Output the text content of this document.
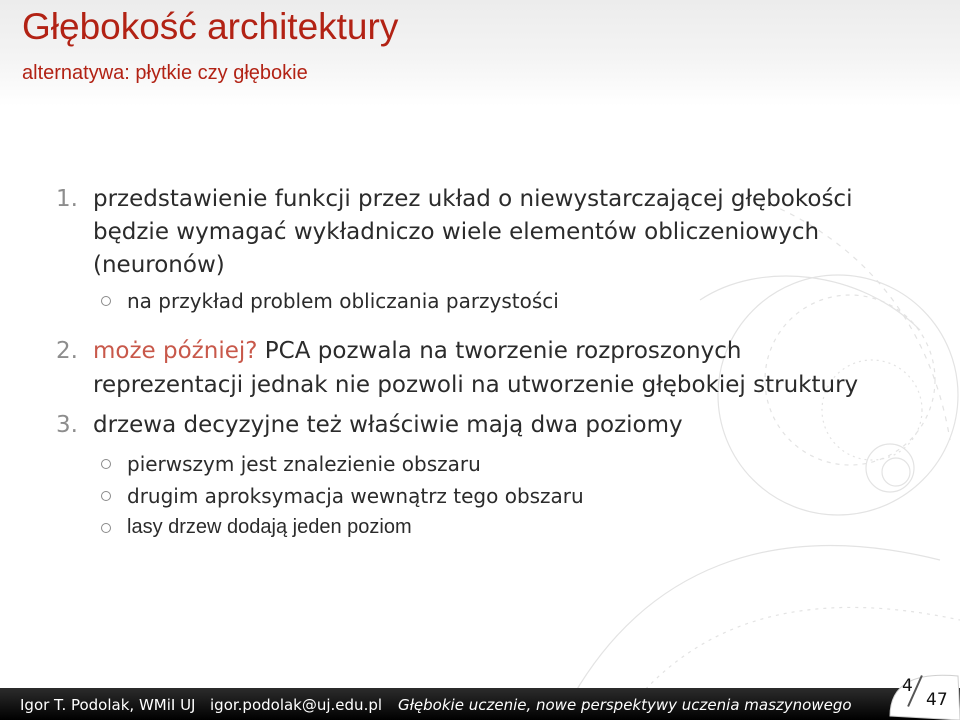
Głębokość architektury
alternatywa: płytkie czy głębokie
1. przedstawienie funkcji przez układ o niewystarczającej głębokości
będzie wymagać wykładniczo wiele elementów obliczeniowych
(neuronów)
na przykład problem obliczania parzystości
2. może później? PCA pozwala na tworzenie rozproszonych
reprezentacji jednak nie pozwoli na utworzenie głębokiej struktury
3. drzewa decyzyjne też właściwie mają dwa poziomy
pierwszym jest znalezienie obszaru
drugim aproksymacja wewnątrz tego obszaru
lasy drzew dodają jeden poziom
Igor T. Podolak, WMiI UJ igor.podolak@uj.edu.pl Głębokie uczenie, nowe perspektywy uczenia maszynowego
4
47
